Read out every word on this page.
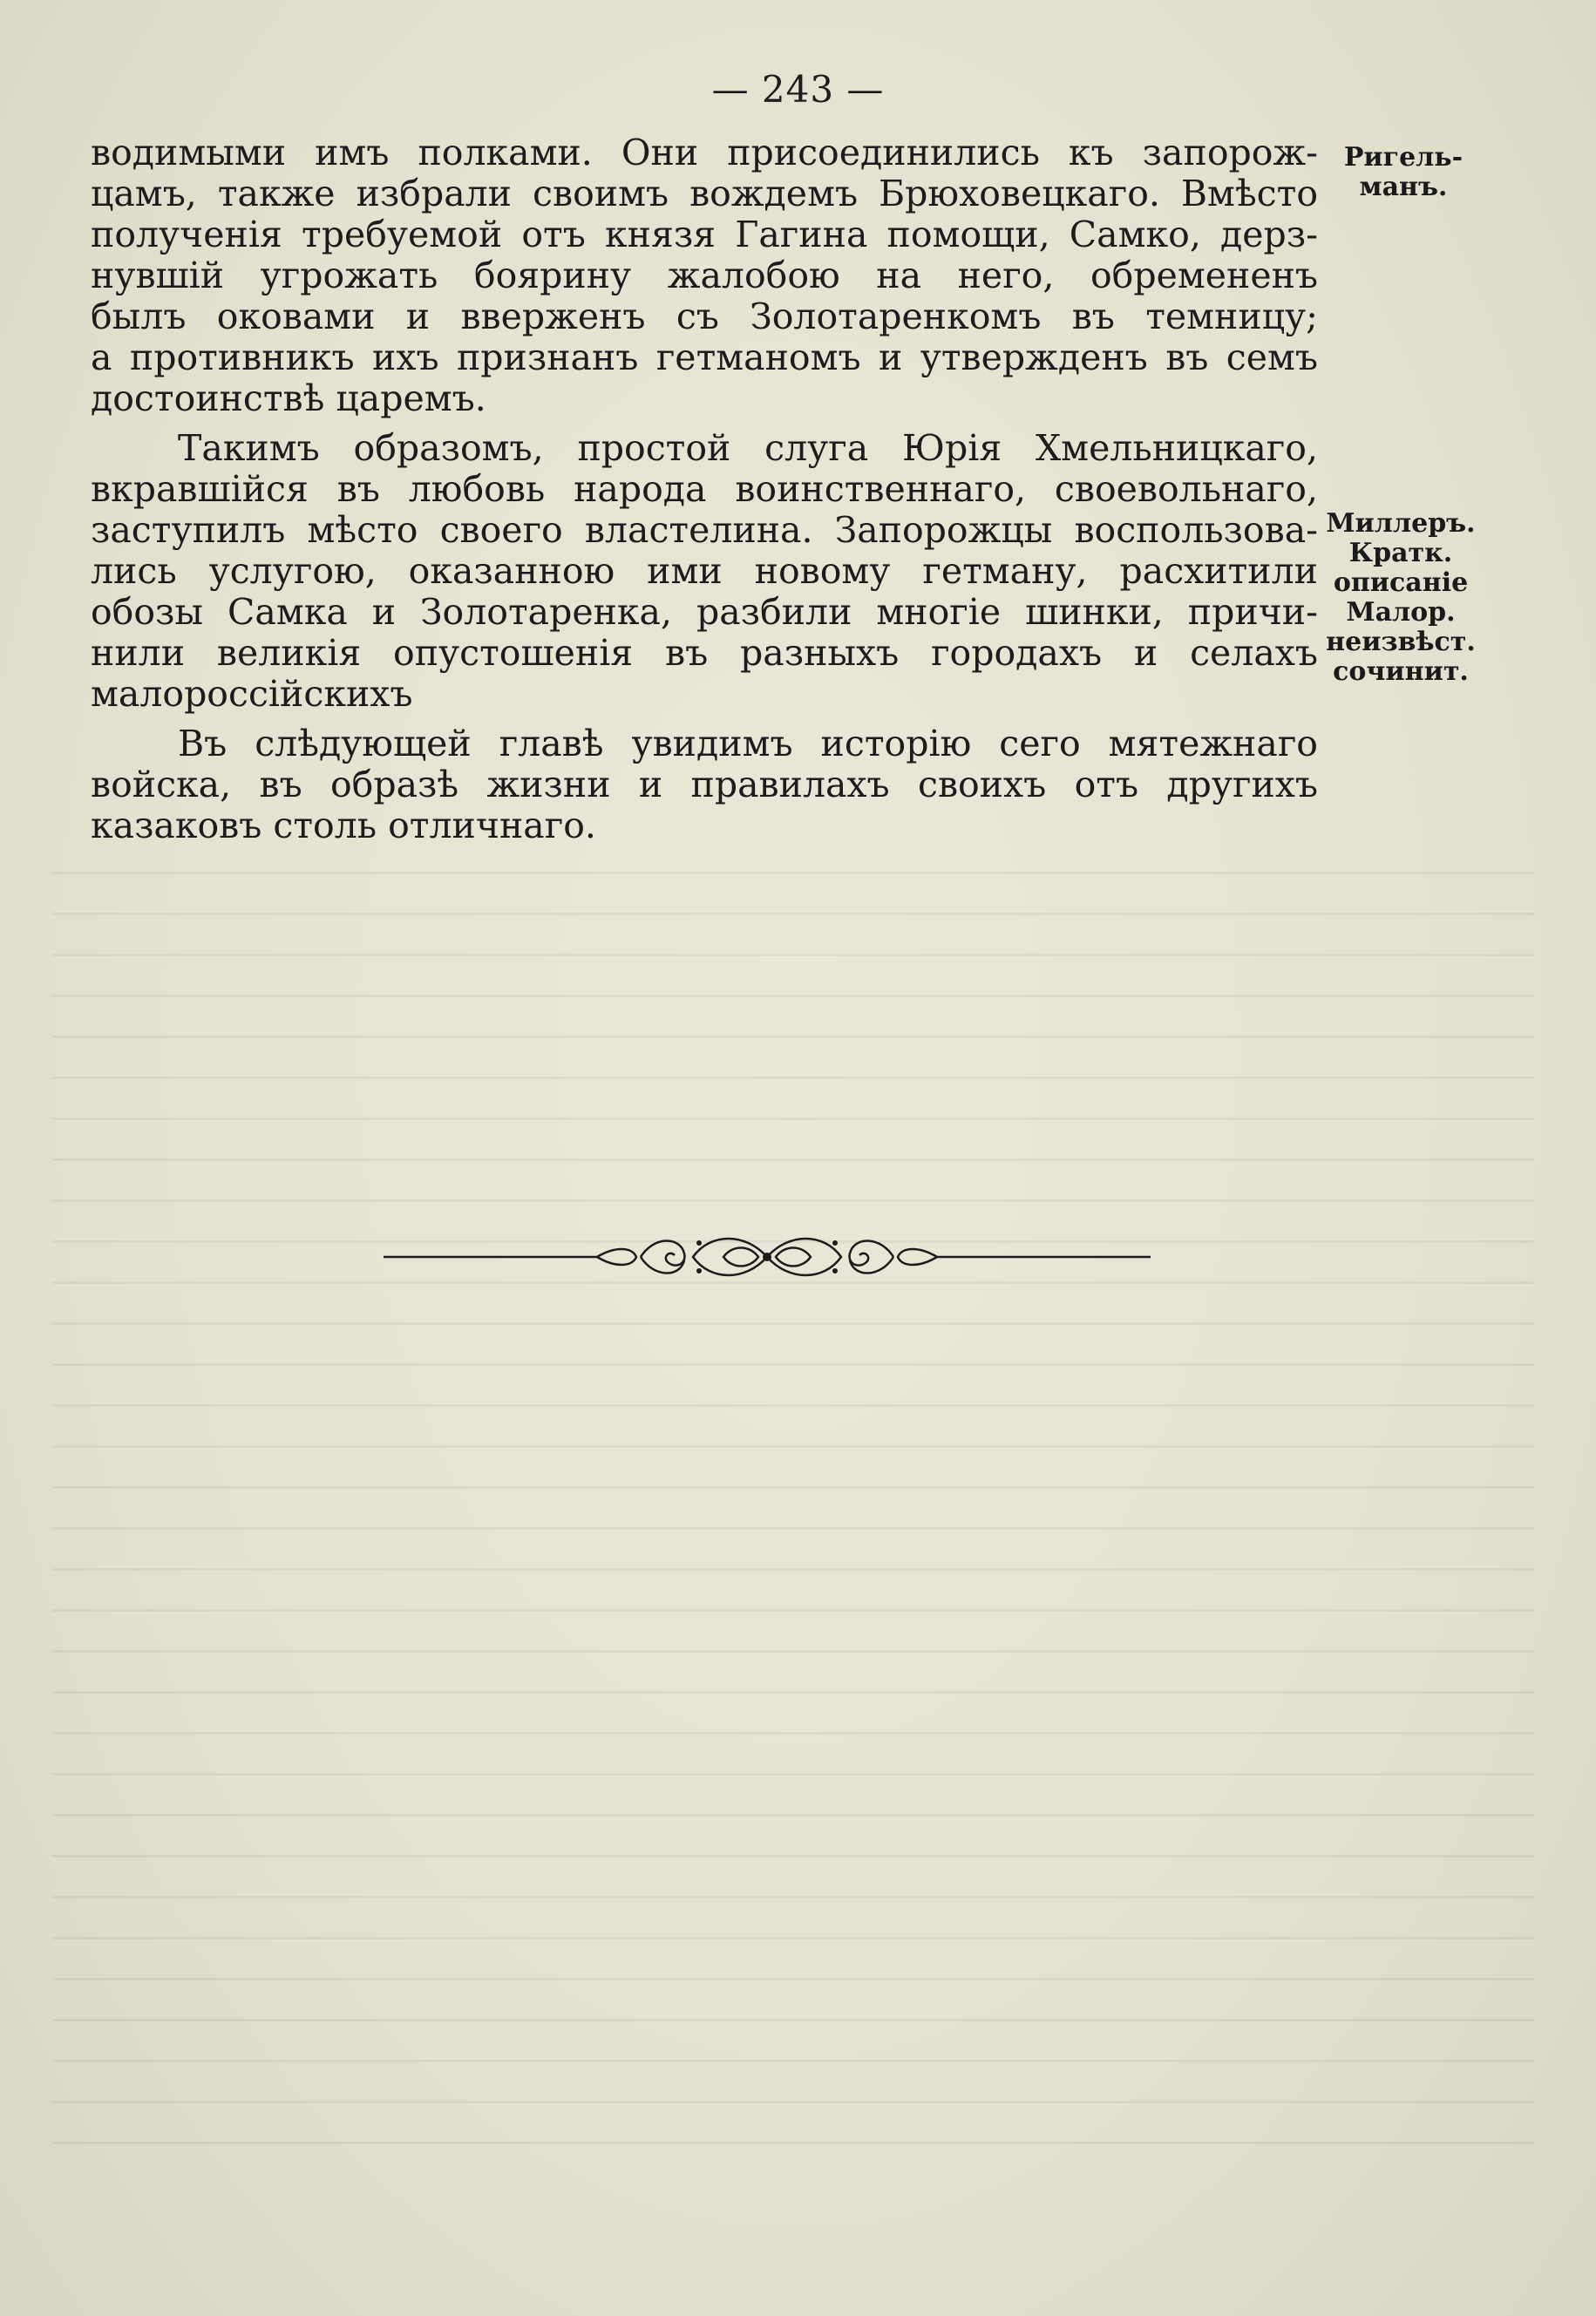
— 243 —
водимыми имъ полками. Они присоединились къ запорож-
цамъ, также избрали своимъ вождемъ Брюховецкаго. Вмѣсто
полученія требуемой отъ князя Гагина помощи, Самко, дерз-
нувшій угрожать боярину жалобою на него, обремененъ
былъ оковами и вверженъ съ Золотаренкомъ въ темницу;
а противникъ ихъ признанъ гетманомъ и утвержденъ въ семъ
достоинствѣ царемъ.
Такимъ образомъ, простой слуга Юрія Хмельницкаго,
вкравшійся въ любовь народа воинственнаго, своевольнаго,
заступилъ мѣсто своего властелина. Запорожцы воспользова-
лись услугою, оказанною ими новому гетману, расхитили
обозы Самка и Золотаренка, разбили многіе шинки, причи-
нили великія опустошенія въ разныхъ городахъ и селахъ
малороссійскихъ
Въ слѣдующей главѣ увидимъ исторію сего мятежнаго
войска, въ образѣ жизни и правилахъ своихъ отъ другихъ
казаковъ столь отличнаго.
Ригель-
манъ.
Миллеръ.
Кратк.
описаніе
Малор.
неизвѣст.
сочинит.
